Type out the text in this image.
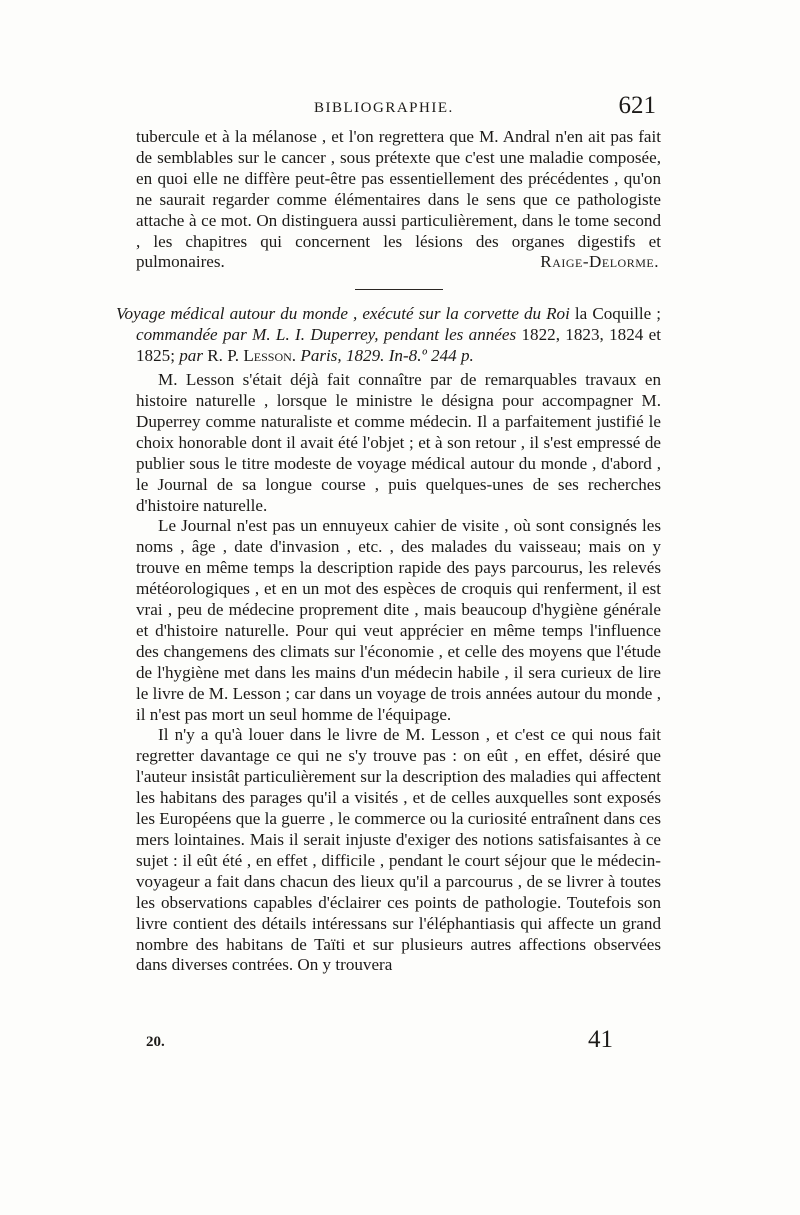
BIBLIOGRAPHIE.	621

tubercule et à la mélanose , et l'on regrettera que M. Andral n'en ait pas fait de semblables sur le cancer , sous prétexte que c'est une maladie composée, en quoi elle ne diffère peut-être pas essentiellement des précédentes , qu'on ne saurait regarder comme élémentaires dans le sens que ce pathologiste attache à ce mot. On distinguera aussi particulièrement, dans le tome second , les chapitres qui concernent les lésions des organes digestifs et pulmonaires.	Raige-Delorme.

Voyage médical autour du monde , exécuté sur la corvette du Roi la Coquille ; commandée par M. L. I. Duperrey, pendant les années 1822, 1823, 1824 et 1825; par R. P. Lesson. Paris, 1829. In-8.º 244 p.

M. Lesson s'était déjà fait connaître par de remarquables travaux en histoire naturelle , lorsque le ministre le désigna pour accompagner M. Duperrey comme naturaliste et comme médecin. Il a parfaitement justifié le choix honorable dont il avait été l'objet ; et à son retour , il s'est empressé de publier sous le titre modeste de voyage médical autour du monde , d'abord , le Journal de sa longue course , puis quelques-unes de ses recherches d'histoire naturelle.

Le Journal n'est pas un ennuyeux cahier de visite , où sont consignés les noms , âge , date d'invasion , etc. , des malades du vaisseau; mais on y trouve en même temps la description rapide des pays parcourus, les relevés météorologiques , et en un mot des espèces de croquis qui renferment, il est vrai , peu de médecine proprement dite , mais beaucoup d'hygiène générale et d'histoire naturelle. Pour qui veut apprécier en même temps l'influence des changemens des climats sur l'économie , et celle des moyens que l'étude de l'hygiène met dans les mains d'un médecin habile , il sera curieux de lire le livre de M. Lesson ; car dans un voyage de trois années autour du monde , il n'est pas mort un seul homme de l'équipage.

Il n'y a qu'à louer dans le livre de M. Lesson , et c'est ce qui nous fait regretter davantage ce qui ne s'y trouve pas : on eût , en effet, désiré que l'auteur insistât particulièrement sur la description des maladies qui affectent les habitans des parages qu'il a visités , et de celles auxquelles sont exposés les Européens que la guerre , le commerce ou la curiosité entraînent dans ces mers lointaines. Mais il serait injuste d'exiger des notions satisfaisantes à ce sujet : il eût été , en effet , difficile , pendant le court séjour que le médecin-voyageur a fait dans chacun des lieux qu'il a parcourus , de se livrer à toutes les observations capables d'éclairer ces points de pathologie. Toutefois son livre contient des détails intéressans sur l'éléphantiasis qui affecte un grand nombre des habitans de Taïti et sur plusieurs autres affections observées dans diverses contrées. On y trouvera

20.	41
